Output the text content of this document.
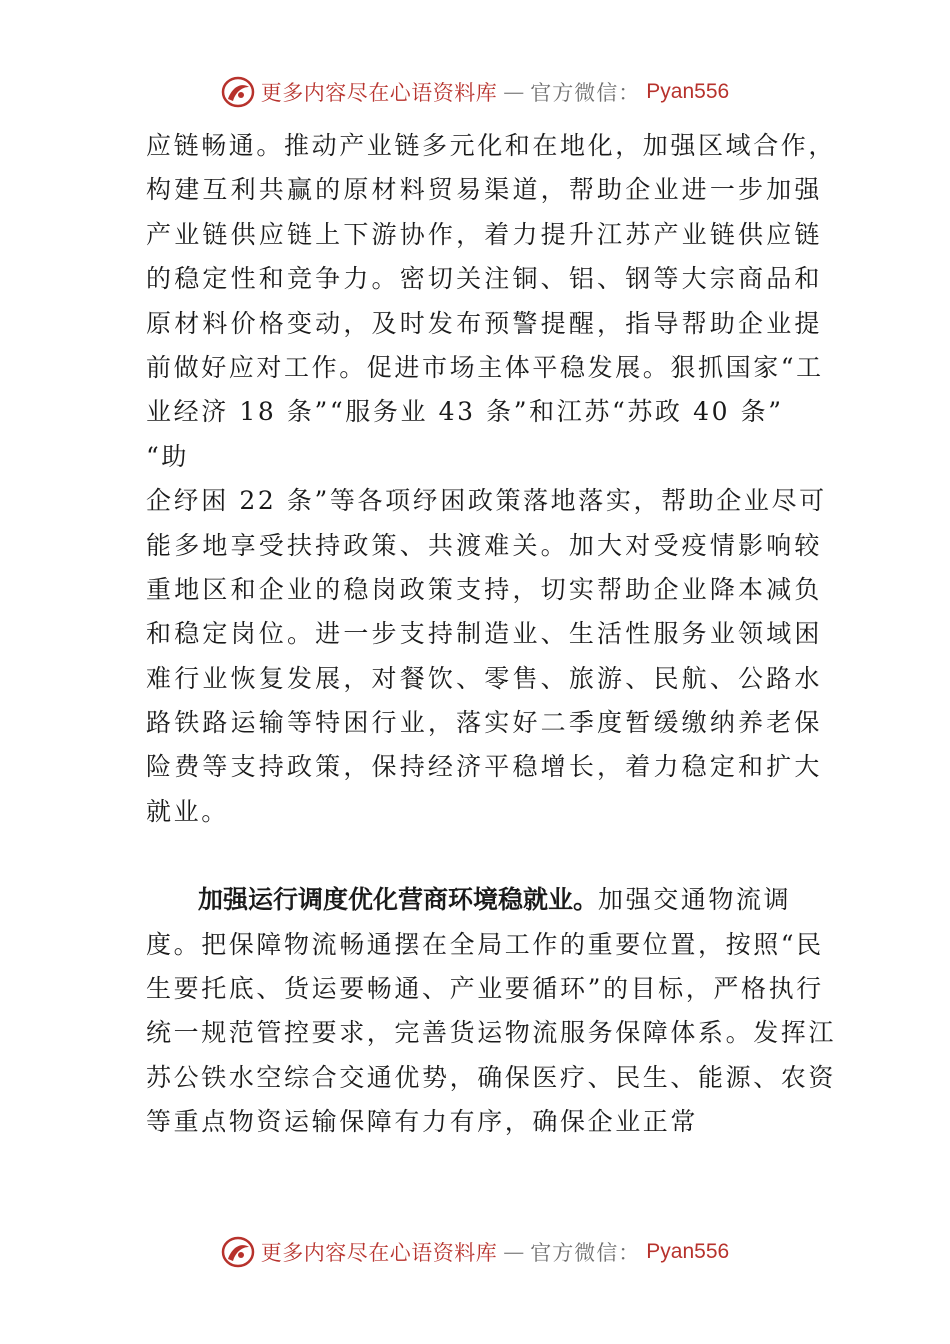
更多内容尽在心语资料库 — 官方微信： Pyan556
应链畅通。推动产业链多元化和在地化，加强区域合作，
构建互利共赢的原材料贸易渠道，帮助企业进一步加强
产业链供应链上下游协作，着力提升江苏产业链供应链
的稳定性和竞争力。密切关注铜、铝、钢等大宗商品和
原材料价格变动，及时发布预警提醒，指导帮助企业提
前做好应对工作。促进市场主体平稳发展。狠抓国家“工
业经济 18 条”“服务业 43 条”和江苏“苏政 40 条”
“助
企纾困 22 条”等各项纾困政策落地落实，帮助企业尽可
能多地享受扶持政策、共渡难关。加大对受疫情影响较
重地区和企业的稳岗政策支持，切实帮助企业降本减负
和稳定岗位。进一步支持制造业、生活性服务业领域困
难行业恢复发展，对餐饮、零售、旅游、民航、公路水
路铁路运输等特困行业，落实好二季度暂缓缴纳养老保
险费等支持政策，保持经济平稳增长，着力稳定和扩大
就业。
加强运行调度优化营商环境稳就业。加强交通物流调
度。把保障物流畅通摆在全局工作的重要位置，按照“民
生要托底、货运要畅通、产业要循环”的目标，严格执行
统一规范管控要求，完善货运物流服务保障体系。发挥江
苏公铁水空综合交通优势，确保医疗、民生、能源、农资
等重点物资运输保障有力有序，确保企业正常
更多内容尽在心语资料库 — 官方微信： Pyan556
